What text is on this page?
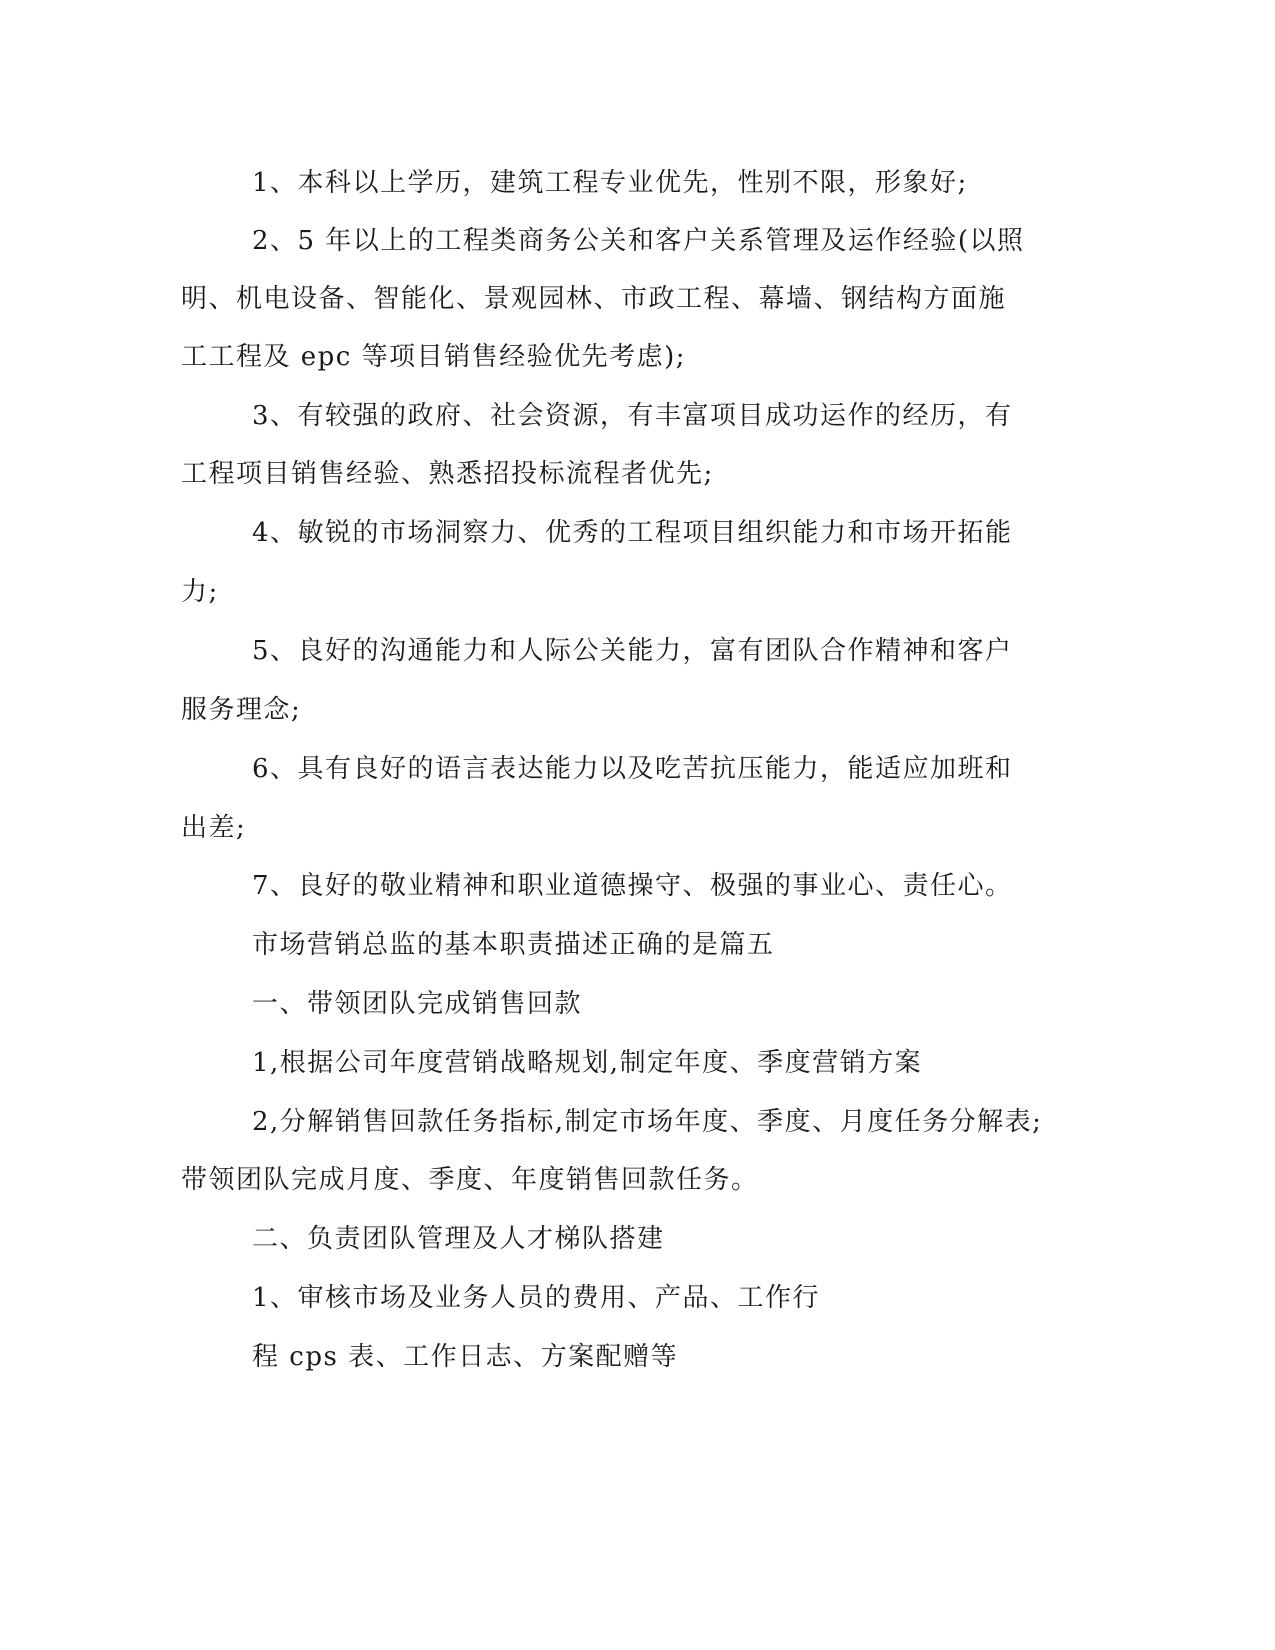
1、本科以上学历，建筑工程专业优先，性别不限，形象好;
2、5 年以上的工程类商务公关和客户关系管理及运作经验(以照
明、机电设备、智能化、景观园林、市政工程、幕墙、钢结构方面施
工工程及 epc 等项目销售经验优先考虑);
3、有较强的政府、社会资源，有丰富项目成功运作的经历，有
工程项目销售经验、熟悉招投标流程者优先;
4、敏锐的市场洞察力、优秀的工程项目组织能力和市场开拓能
力;
5、良好的沟通能力和人际公关能力，富有团队合作精神和客户
服务理念;
6、具有良好的语言表达能力以及吃苦抗压能力，能适应加班和
出差;
7、良好的敬业精神和职业道德操守、极强的事业心、责任心。
市场营销总监的基本职责描述正确的是篇五
一、带领团队完成销售回款
1,根据公司年度营销战略规划,制定年度、季度营销方案
2,分解销售回款任务指标,制定市场年度、季度、月度任务分解表;
带领团队完成月度、季度、年度销售回款任务。
二、负责团队管理及人才梯队搭建
1、审核市场及业务人员的费用、产品、工作行
程 cps 表、工作日志、方案配赠等
